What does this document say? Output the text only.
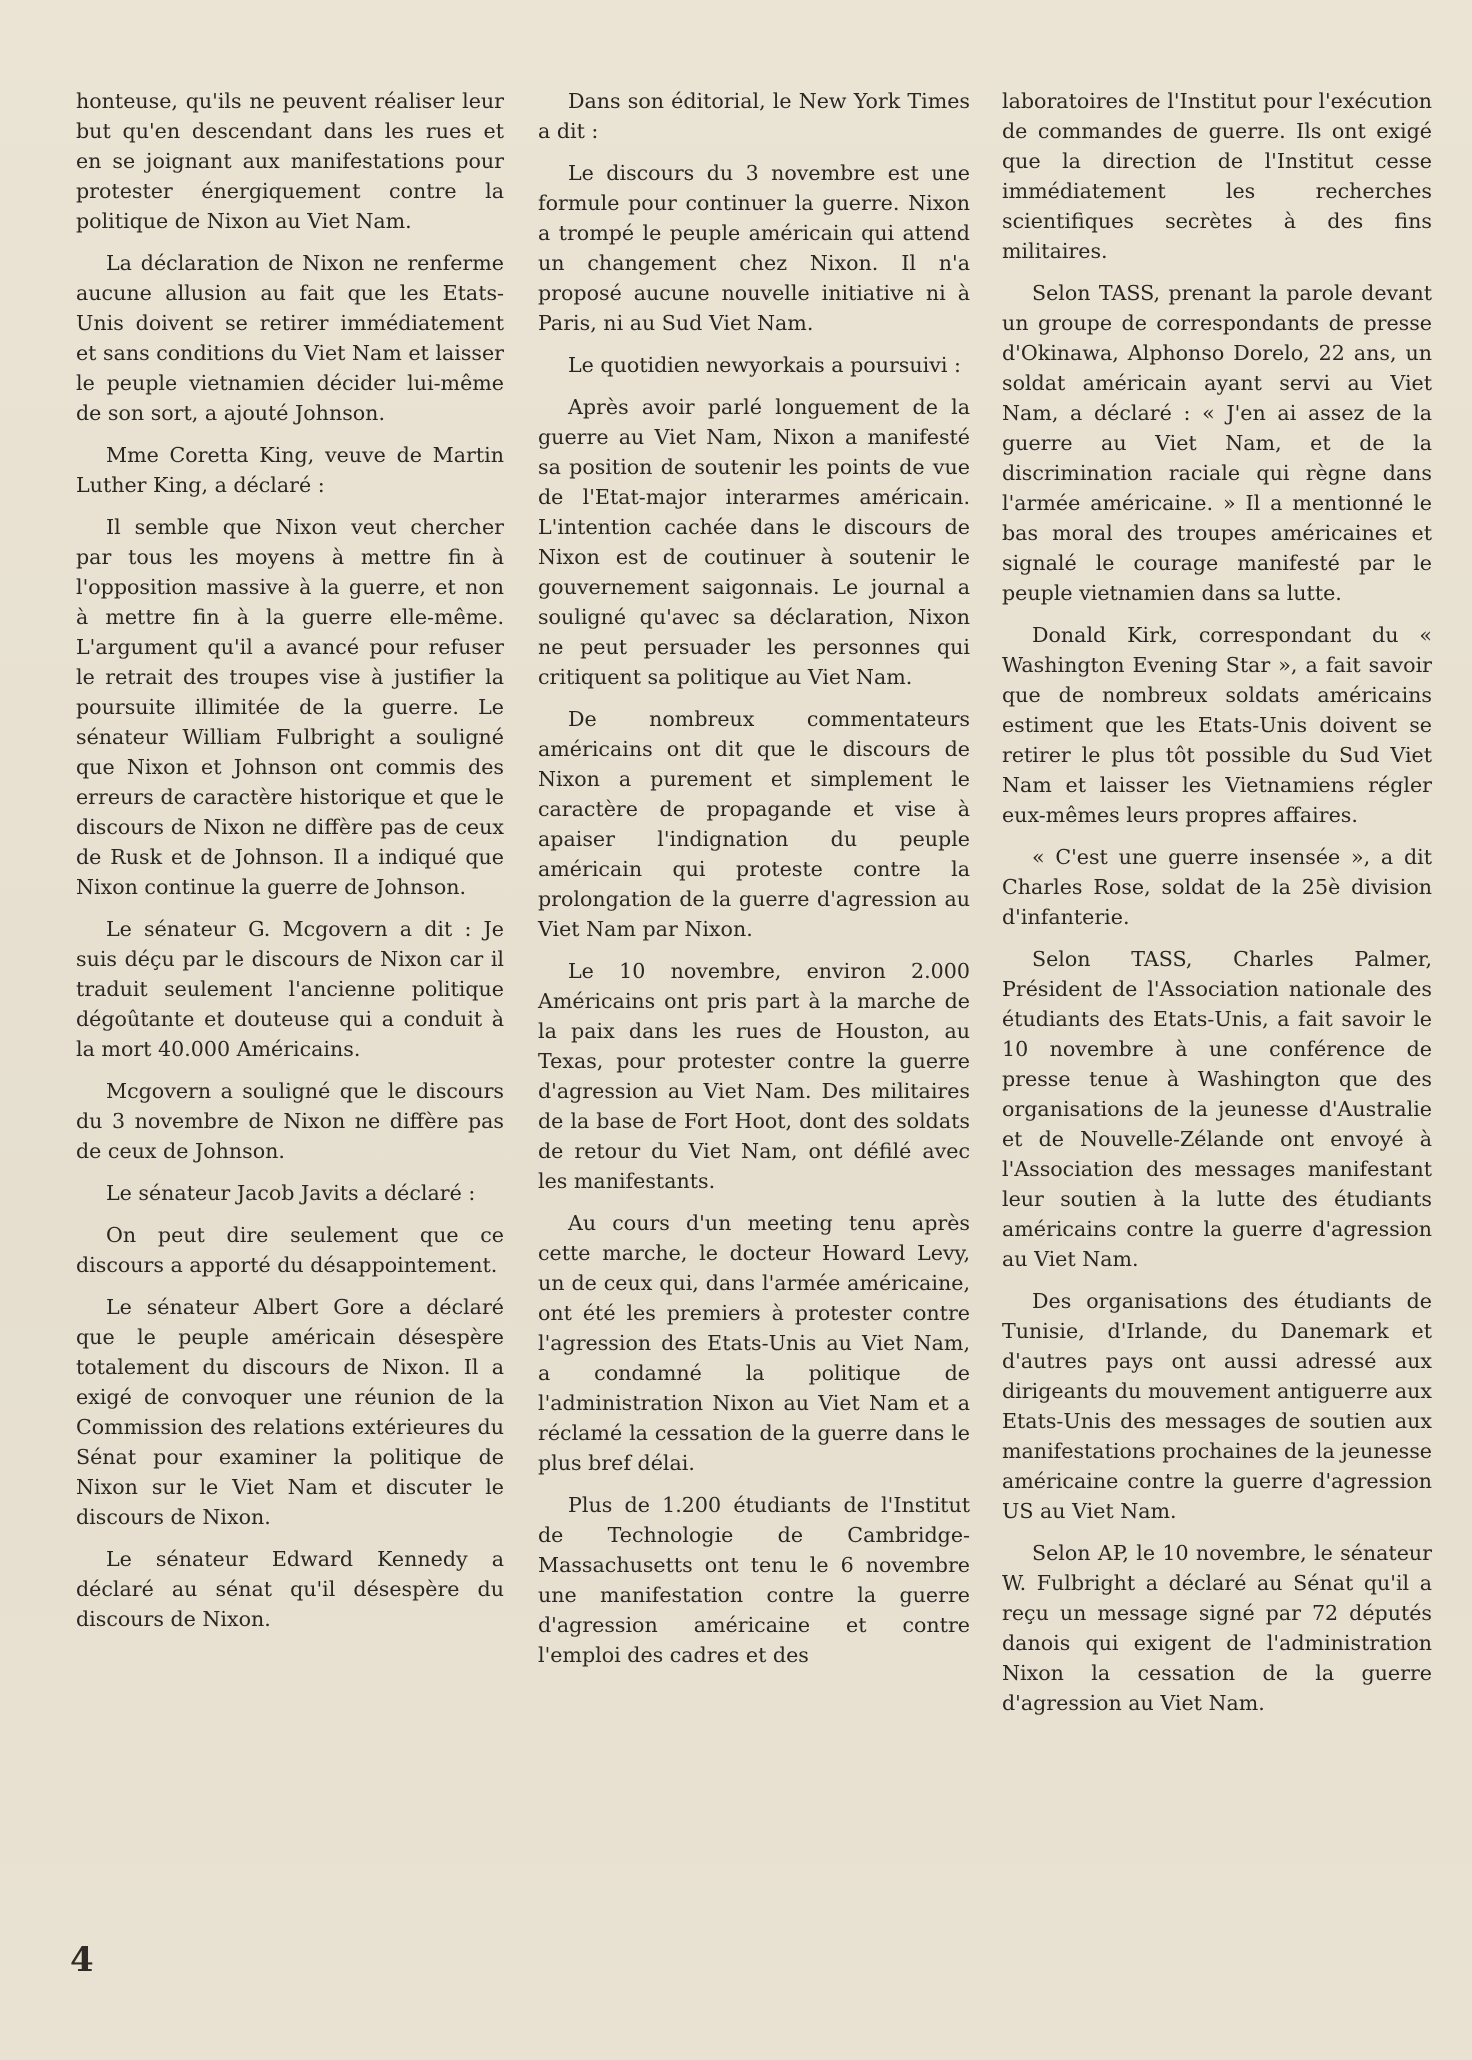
honteuse, qu'ils ne peuvent réaliser leur but qu'en descendant dans les rues et en se joignant aux manifestations pour protester énergiquement contre la politique de Nixon au Viet Nam.

La déclaration de Nixon ne renferme aucune allusion au fait que les Etats-Unis doivent se retirer immédiatement et sans conditions du Viet Nam et laisser le peuple vietnamien décider lui-même de son sort, a ajouté Johnson.

Mme Coretta King, veuve de Martin Luther King, a déclaré :

Il semble que Nixon veut chercher par tous les moyens à mettre fin à l'opposition massive à la guerre, et non à mettre fin à la guerre elle-même. L'argument qu'il a avancé pour refuser le retrait des troupes vise à justifier la poursuite illimitée de la guerre. Le sénateur William Fulbright a souligné que Nixon et Johnson ont commis des erreurs de caractère historique et que le discours de Nixon ne diffère pas de ceux de Rusk et de Johnson. Il a indiqué que Nixon continue la guerre de Johnson.

Le sénateur G. Mcgovern a dit : Je suis déçu par le discours de Nixon car il traduit seulement l'ancienne politique dégoûtante et douteuse qui a conduit à la mort 40.000 Américains.

Mcgovern a souligné que le discours du 3 novembre de Nixon ne diffère pas de ceux de Johnson.

Le sénateur Jacob Javits a déclaré :

On peut dire seulement que ce discours a apporté du désappointement.

Le sénateur Albert Gore a déclaré que le peuple américain désespère totalement du discours de Nixon. Il a exigé de convoquer une réunion de la Commission des relations extérieures du Sénat pour examiner la politique de Nixon sur le Viet Nam et discuter le discours de Nixon.

Le sénateur Edward Kennedy a déclaré au sénat qu'il désespère du discours de Nixon.

Dans son éditorial, le New York Times a dit :

Le discours du 3 novembre est une formule pour continuer la guerre. Nixon a trompé le peuple américain qui attend un changement chez Nixon. Il n'a proposé aucune nouvelle initiative ni à Paris, ni au Sud Viet Nam.

Le quotidien newyorkais a poursuivi :

Après avoir parlé longuement de la guerre au Viet Nam, Nixon a manifesté sa position de soutenir les points de vue de l'Etat-major interarmes américain. L'intention cachée dans le discours de Nixon est de coutinuer à soutenir le gouvernement saigonnais. Le journal a souligné qu'avec sa déclaration, Nixon ne peut persuader les personnes qui critiquent sa politique au Viet Nam.

De nombreux commentateurs américains ont dit que le discours de Nixon a purement et simplement le caractère de propagande et vise à apaiser l'indignation du peuple américain qui proteste contre la prolongation de la guerre d'agression au Viet Nam par Nixon.

Le 10 novembre, environ 2.000 Américains ont pris part à la marche de la paix dans les rues de Houston, au Texas, pour protester contre la guerre d'agression au Viet Nam. Des militaires de la base de Fort Hoot, dont des soldats de retour du Viet Nam, ont défilé avec les manifestants.

Au cours d'un meeting tenu après cette marche, le docteur Howard Levy, un de ceux qui, dans l'armée américaine, ont été les premiers à protester contre l'agression des Etats-Unis au Viet Nam, a condamné la politique de l'administration Nixon au Viet Nam et a réclamé la cessation de la guerre dans le plus bref délai.

Plus de 1.200 étudiants de l'Institut de Technologie de Cambridge-Massachusetts ont tenu le 6 novembre une manifestation contre la guerre d'agression américaine et contre l'emploi des cadres et des

laboratoires de l'Institut pour l'exécution de commandes de guerre. Ils ont exigé que la direction de l'Institut cesse immédiatement les recherches scientifiques secrètes à des fins militaires.

Selon TASS, prenant la parole devant un groupe de correspondants de presse d'Okinawa, Alphonso Dorelo, 22 ans, un soldat américain ayant servi au Viet Nam, a déclaré : « J'en ai assez de la guerre au Viet Nam, et de la discrimination raciale qui règne dans l'armée américaine. » Il a mentionné le bas moral des troupes américaines et signalé le courage manifesté par le peuple vietnamien dans sa lutte.

Donald Kirk, correspondant du « Washington Evening Star », a fait savoir que de nombreux soldats américains estiment que les Etats-Unis doivent se retirer le plus tôt possible du Sud Viet Nam et laisser les Vietnamiens régler eux-mêmes leurs propres affaires.

« C'est une guerre insensée », a dit Charles Rose, soldat de la 25è division d'infanterie.

Selon TASS, Charles Palmer, Président de l'Association nationale des étudiants des Etats-Unis, a fait savoir le 10 novembre à une conférence de presse tenue à Washington que des organisations de la jeunesse d'Australie et de Nouvelle-Zélande ont envoyé à l'Association des messages manifestant leur soutien à la lutte des étudiants américains contre la guerre d'agression au Viet Nam.

Des organisations des étudiants de Tunisie, d'Irlande, du Danemark et d'autres pays ont aussi adressé aux dirigeants du mouvement antiguerre aux Etats-Unis des messages de soutien aux manifestations prochaines de la jeunesse américaine contre la guerre d'agression US au Viet Nam.

Selon AP, le 10 novembre, le sénateur W. Fulbright a déclaré au Sénat qu'il a reçu un message signé par 72 députés danois qui exigent de l'administration Nixon la cessation de la guerre d'agression au Viet Nam.

4
